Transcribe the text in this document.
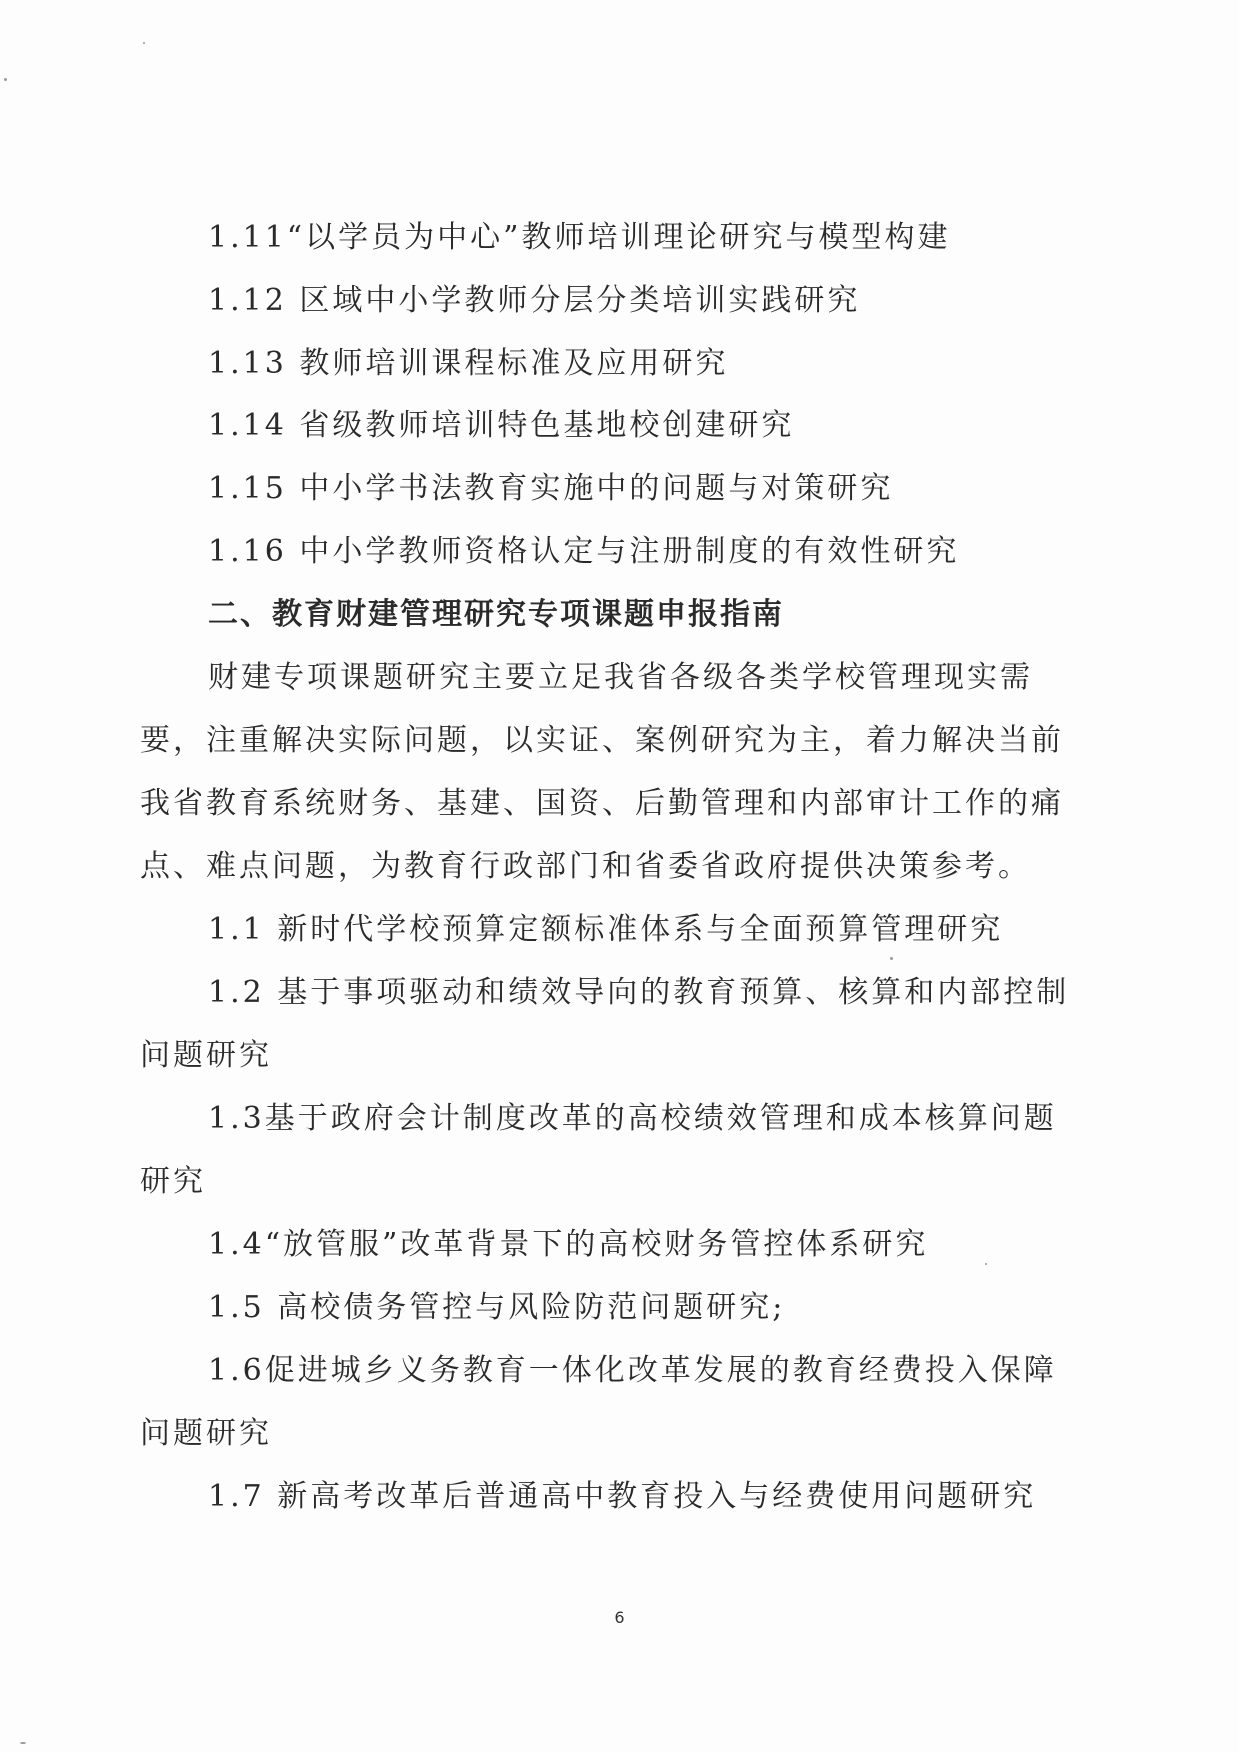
1.11“以学员为中心”教师培训理论研究与模型构建
1.12 区域中小学教师分层分类培训实践研究
1.13 教师培训课程标准及应用研究
1.14 省级教师培训特色基地校创建研究
1.15 中小学书法教育实施中的问题与对策研究
1.16 中小学教师资格认定与注册制度的有效性研究
二、教育财建管理研究专项课题申报指南
财建专项课题研究主要立足我省各级各类学校管理现实需
要，注重解决实际问题，以实证、案例研究为主，着力解决当前
我省教育系统财务、基建、国资、后勤管理和内部审计工作的痛
点、难点问题，为教育行政部门和省委省政府提供决策参考。
1.1 新时代学校预算定额标准体系与全面预算管理研究
1.2 基于事项驱动和绩效导向的教育预算、核算和内部控制
问题研究
1.3基于政府会计制度改革的高校绩效管理和成本核算问题
研究
1.4“放管服”改革背景下的高校财务管控体系研究
1.5 高校债务管控与风险防范问题研究;
1.6促进城乡义务教育一体化改革发展的教育经费投入保障
问题研究
1.7 新高考改革后普通高中教育投入与经费使用问题研究
6
